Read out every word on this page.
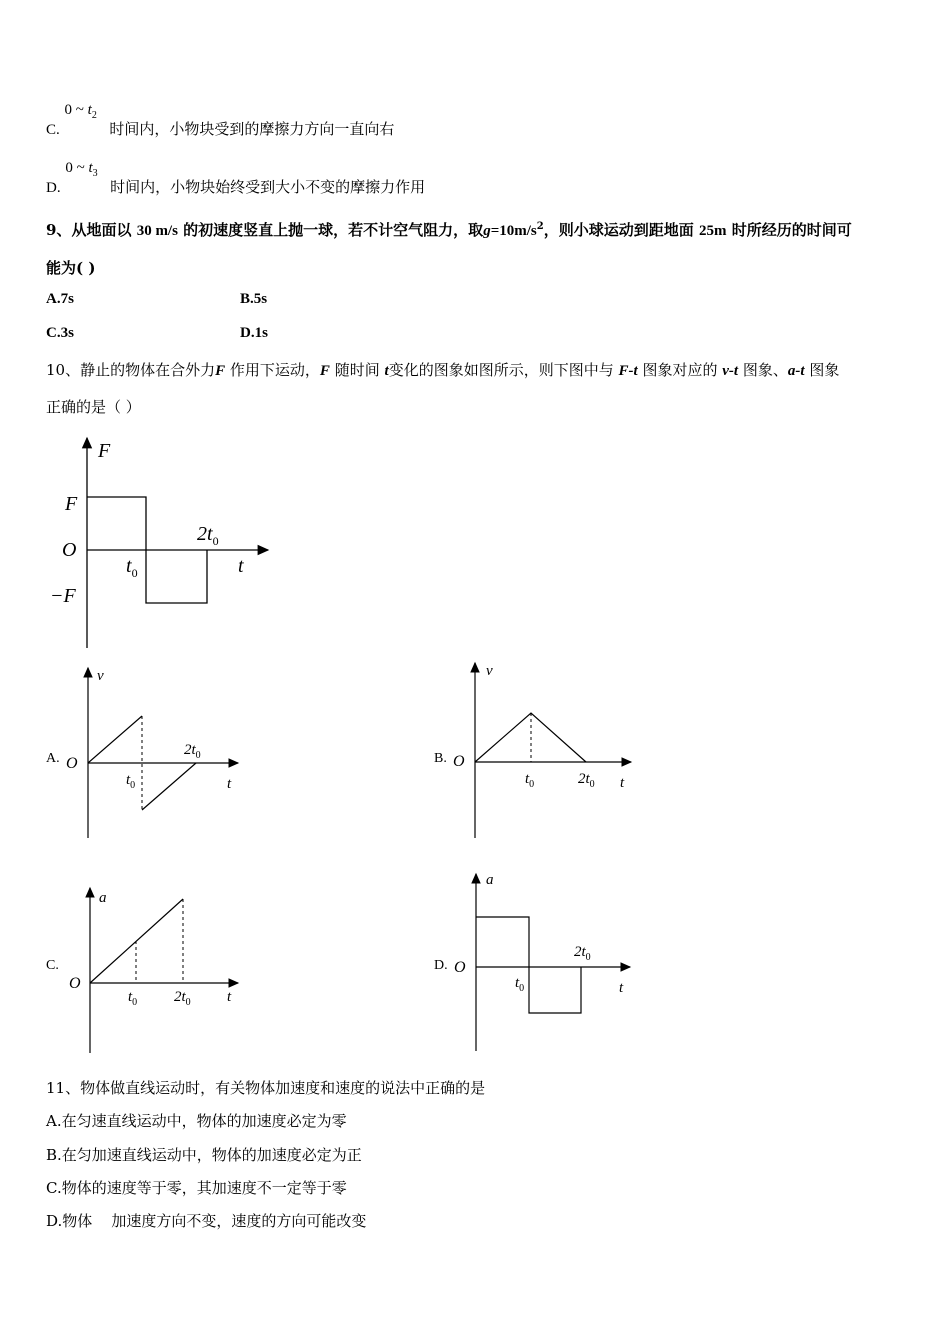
C.
0 ~ $t_2$
时间内，小物块受到的摩擦力方向一直向右
D.
0 ~ $t_3$
时间内，小物块始终受到大小不变的摩擦力作用
9、从地面以 30 m/s 的初速度竖直上抛一球，若不计空气阻力，取$g=10m/s^2$，则小球运动到距地面 25m 时所经历的时间可
能为( )
A.7s	B.5s
C.3s	D.1s
10、静止的物体在合外力F 作用下运动，F 随时间 t变化的图象如图所示，则下图中与 F-t 图象对应的 v-t 图象、a-t 图象
正确的是（ ）
F
F
O
−F
t
$t_0$
$2t_0$
A.
v
O
t
$t_0$
$2t_0$	B.
v
O
t
$t_0$	$2t_0$
C.
a
O
t
$t_0$ $2t_0$
D.
a
O
t
$t_0$
$2t_0$
11、物体做直线运动时，有关物体加速度和速度的说法中正确的是
A.在匀速直线运动中，物体的加速度必定为零
B.在匀加速直线运动中，物体的加速度必定为正
C.物体的速度等于零，其加速度不一定等于零
D.物体    加速度方向不变，速度的方向可能改变
